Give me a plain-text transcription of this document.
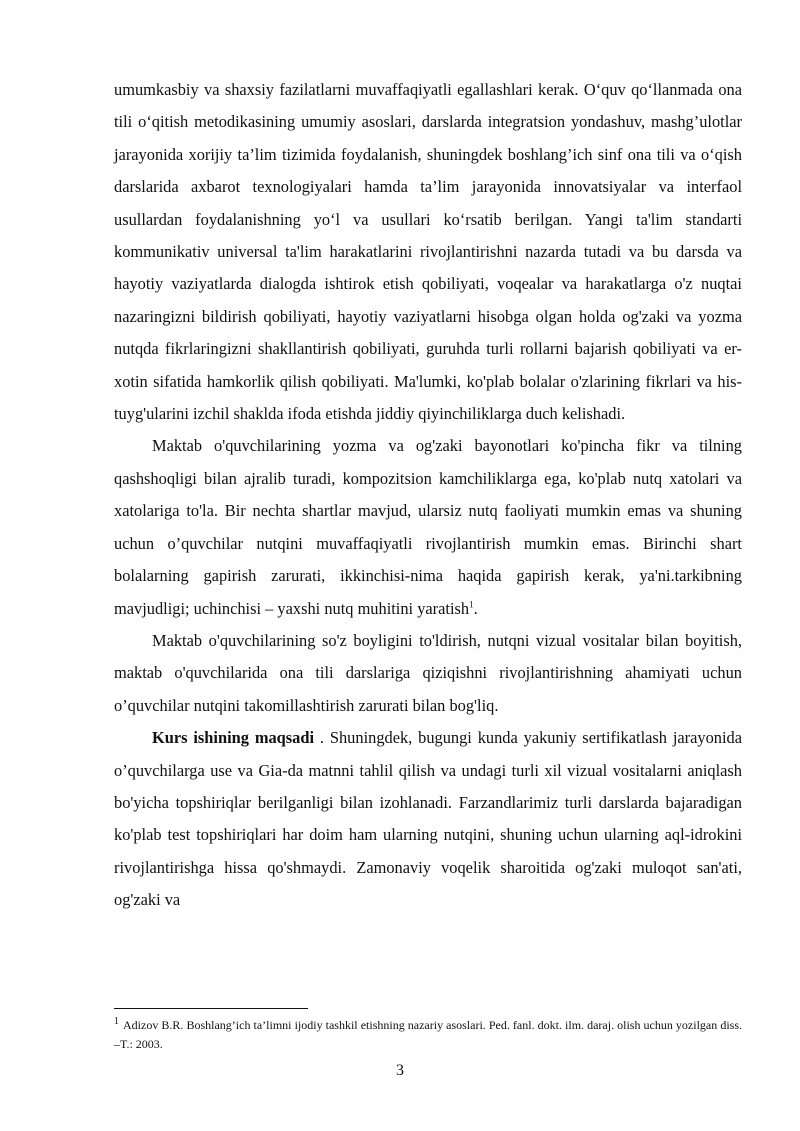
umumkasbiy va shaxsiy fazilatlarni muvaffaqiyatli egallashlari kerak. O‘quv qo‘llanmada ona tili o‘qitish metodikasining umumiy asoslari, darslarda integratsion yondashuv, mashg’ulotlar jarayonida xorijiy ta’lim tizimida foydalanish, shuningdek boshlang’ich sinf ona tili va o‘qish darslarida axbarot texnologiyalari hamda ta’lim jarayonida innovatsiyalar va interfaol usullardan foydalanishning yo‘l va usullari ko‘rsatib berilgan. Yangi ta'lim standarti kommunikativ universal ta'lim harakatlarini rivojlantirishni nazarda tutadi va bu darsda va hayotiy vaziyatlarda dialogda ishtirok etish qobiliyati, voqealar va harakatlarga o'z nuqtai nazaringizni bildirish qobiliyati, hayotiy vaziyatlarni hisobga olgan holda og'zaki va yozma nutqda fikrlaringizni shakllantirish qobiliyati, guruhda turli rollarni bajarish qobiliyati va er-xotin sifatida hamkorlik qilish qobiliyati. Ma'lumki, ko'plab bolalar o'zlarining fikrlari va his-tuyg'ularini izchil shaklda ifoda etishda jiddiy qiyinchiliklarga duch kelishadi.

Maktab o'quvchilarining yozma va og'zaki bayonotlari ko'pincha fikr va tilning qashshoqligi bilan ajralib turadi, kompozitsion kamchiliklarga ega, ko'plab nutq xatolari va xatolariga to'la. Bir nechta shartlar mavjud, ularsiz nutq faoliyati mumkin emas va shuning uchun o’quvchilar nutqini muvaffaqiyatli rivojlantirish mumkin emas. Birinchi shart bolalarning gapirish zarurati, ikkinchisi-nima haqida gapirish kerak, ya'ni.tarkibning mavjudligi; uchinchisi – yaxshi nutq muhitini yaratish$^1$.

Maktab o'quvchilarining so'z boyligini to'ldirish, nutqni vizual vositalar bilan boyitish, maktab o'quvchilarida ona tili darslariga qiziqishni rivojlantirishning ahamiyati uchun o’quvchilar nutqini takomillashtirish zarurati bilan bog'liq.

Kurs ishining maqsadi . Shuningdek, bugungi kunda yakuniy sertifikatlash jarayonida o’quvchilarga use va Gia-da matnni tahlil qilish va undagi turli xil vizual vositalarni aniqlash bo'yicha topshiriqlar berilganligi bilan izohlanadi. Farzandlarimiz turli darslarda bajaradigan ko'plab test topshiriqlari har doim ham ularning nutqini, shuning uchun ularning aql-idrokini rivojlantirishga hissa qo'shmaydi. Zamonaviy voqelik sharoitida og'zaki muloqot san'ati, og'zaki va

$^1$ Adizov B.R. Boshlang’ich ta’limni ijodiy tashkil etishning nazariy asoslari. Ped. fanl. dokt. ilm. daraj. olish uchun yozilgan diss. –T.: 2003.
3
